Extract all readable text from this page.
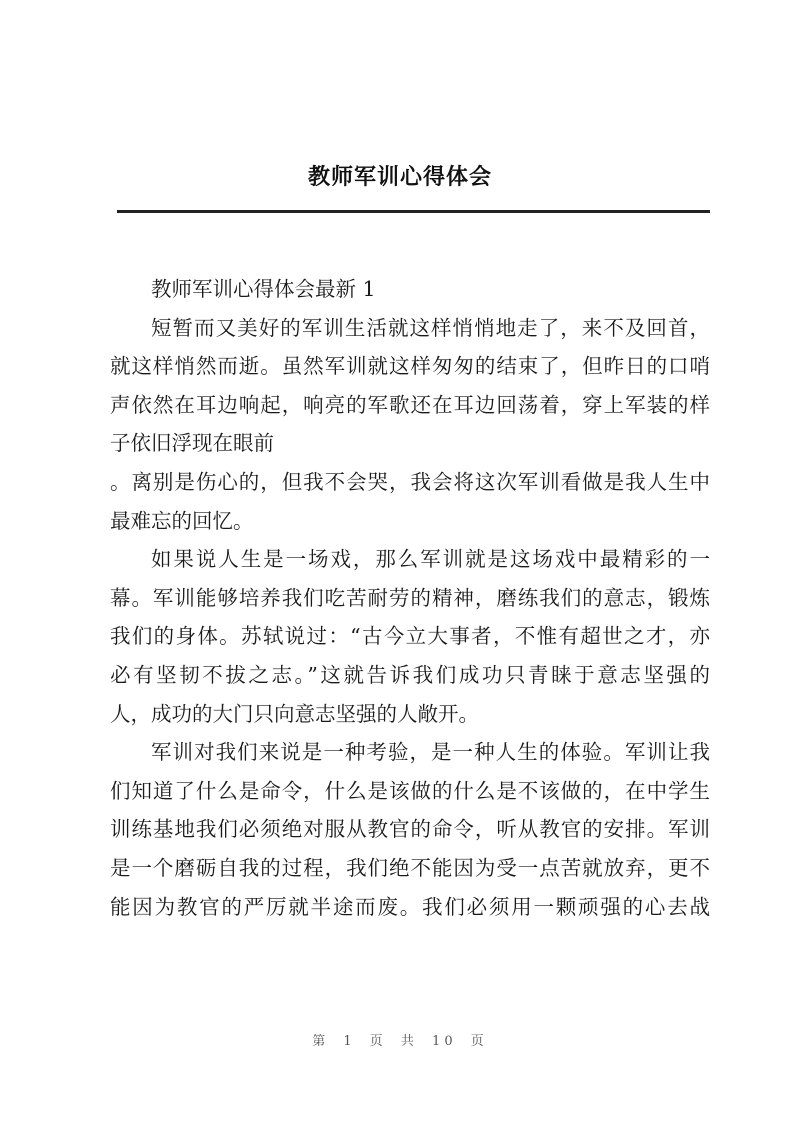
教师军训心得体会
教师军训心得体会最新 1
短暂而又美好的军训生活就这样悄悄地走了，来不及回首，
就这样悄然而逝。虽然军训就这样匆匆的结束了，但昨日的口哨
声依然在耳边响起，响亮的军歌还在耳边回荡着，穿上军装的样
子依旧浮现在眼前
。离别是伤心的，但我不会哭，我会将这次军训看做是我人生中
最难忘的回忆。
如果说人生是一场戏，那么军训就是这场戏中最精彩的一
幕。军训能够培养我们吃苦耐劳的精神，磨练我们的意志，锻炼
我们的身体。苏轼说过：“古今立大事者，不惟有超世之才，亦
必有坚韧不拔之志。”这就告诉我们成功只青睐于意志坚强的
人，成功的大门只向意志坚强的人敞开。
军训对我们来说是一种考验，是一种人生的体验。军训让我
们知道了什么是命令，什么是该做的什么是不该做的，在中学生
训练基地我们必须绝对服从教官的命令，听从教官的安排。军训
是一个磨砺自我的过程，我们绝不能因为受一点苦就放弃，更不
能因为教官的严厉就半途而废。我们必须用一颗顽强的心去战
第 1 页 共 10 页
